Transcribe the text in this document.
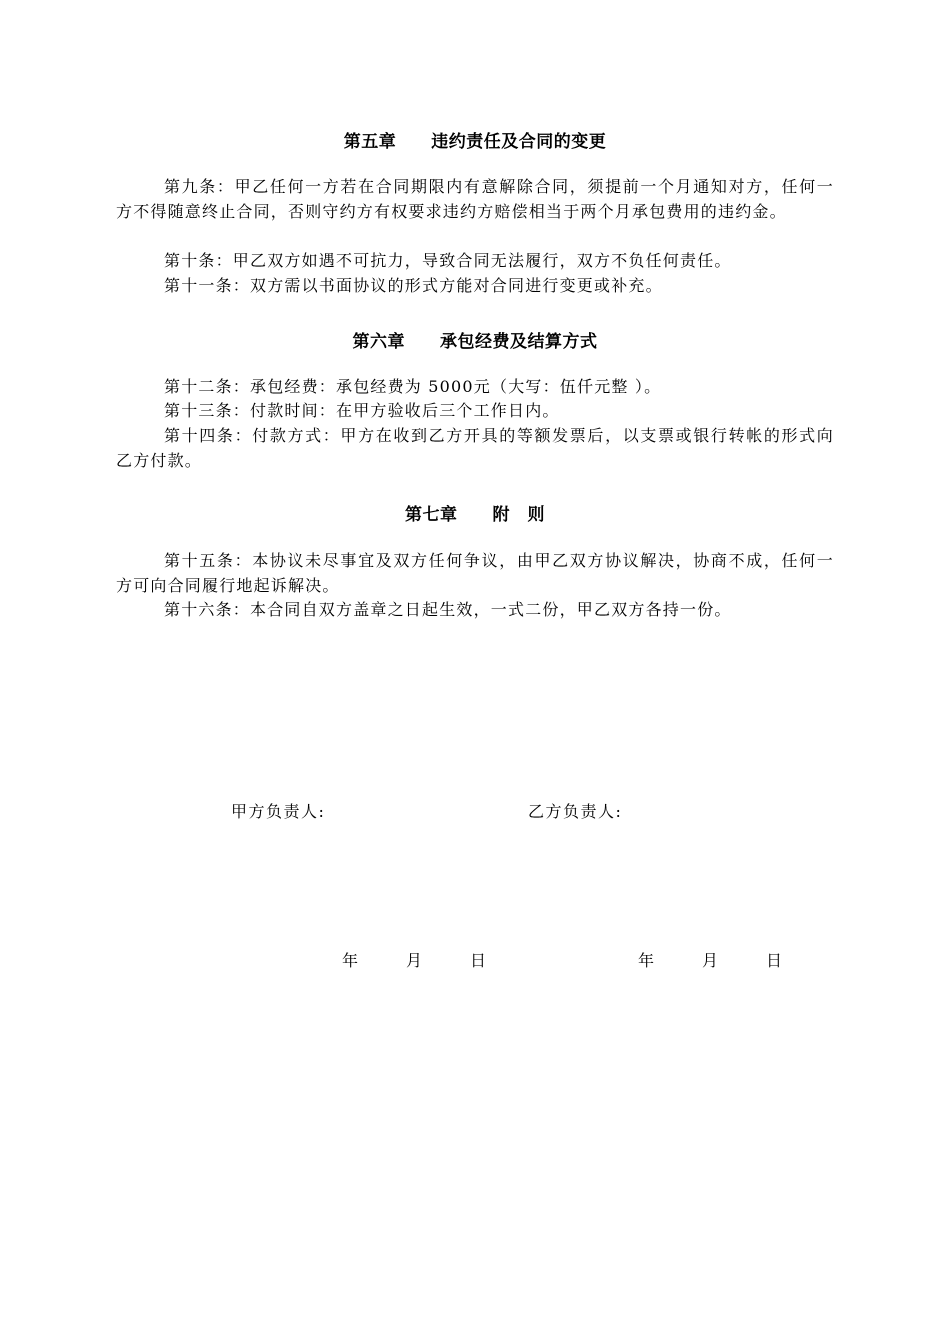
第五章　　违约责任及合同的变更
第九条：甲乙任何一方若在合同期限内有意解除合同，须提前一个月通知对方，任何一方不得随意终止合同，否则守约方有权要求违约方赔偿相当于两个月承包费用的违约金。
第十条：甲乙双方如遇不可抗力，导致合同无法履行，双方不负任何责任。
第十一条：双方需以书面协议的形式方能对合同进行变更或补充。
第六章　　承包经费及结算方式
第十二条：承包经费：承包经费为 5000元（大写：伍仟元整 ）。
第十三条：付款时间：在甲方验收后三个工作日内。
第十四条：付款方式：甲方在收到乙方开具的等额发票后，以支票或银行转帐的形式向乙方付款。
第七章　　附　则
第十五条：本协议未尽事宜及双方任何争议，由甲乙双方协议解决，协商不成，任何一方可向合同履行地起诉解决。
第十六条：本合同自双方盖章之日起生效，一式二份，甲乙双方各持一份。
甲方负责人:	乙方负责人:
年　　　月　　　日	年　　　月　　　日
